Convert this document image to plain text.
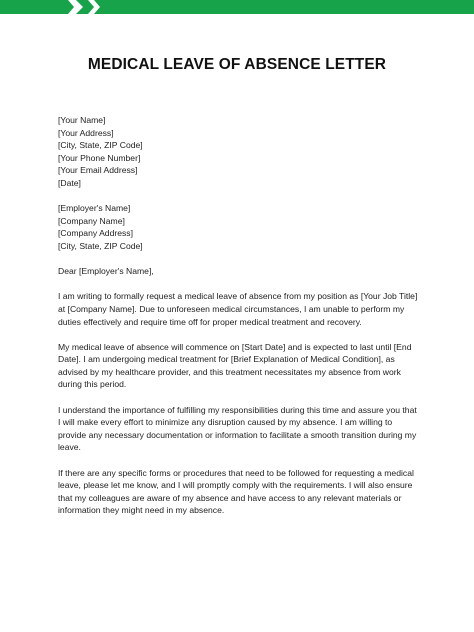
MEDICAL LEAVE OF ABSENCE LETTER
[Your Name]
[Your Address]
[City, State, ZIP Code]
[Your Phone Number]
[Your Email Address]
[Date]
[Employer's Name]
[Company Name]
[Company Address]
[City, State, ZIP Code]

Dear [Employer's Name],

I am writing to formally request a medical leave of absence from my position as [Your Job Title] at [Company Name]. Due to unforeseen medical circumstances, I am unable to perform my duties effectively and require time off for proper medical treatment and recovery.

My medical leave of absence will commence on [Start Date] and is expected to last until [End Date]. I am undergoing medical treatment for [Brief Explanation of Medical Condition], as advised by my healthcare provider, and this treatment necessitates my absence from work during this period.

I understand the importance of fulfilling my responsibilities during this time and assure you that I will make every effort to minimize any disruption caused by my absence. I am willing to provide any necessary documentation or information to facilitate a smooth transition during my leave.

If there are any specific forms or procedures that need to be followed for requesting a medical leave, please let me know, and I will promptly comply with the requirements. I will also ensure that my colleagues are aware of my absence and have access to any relevant materials or information they might need in my absence.
